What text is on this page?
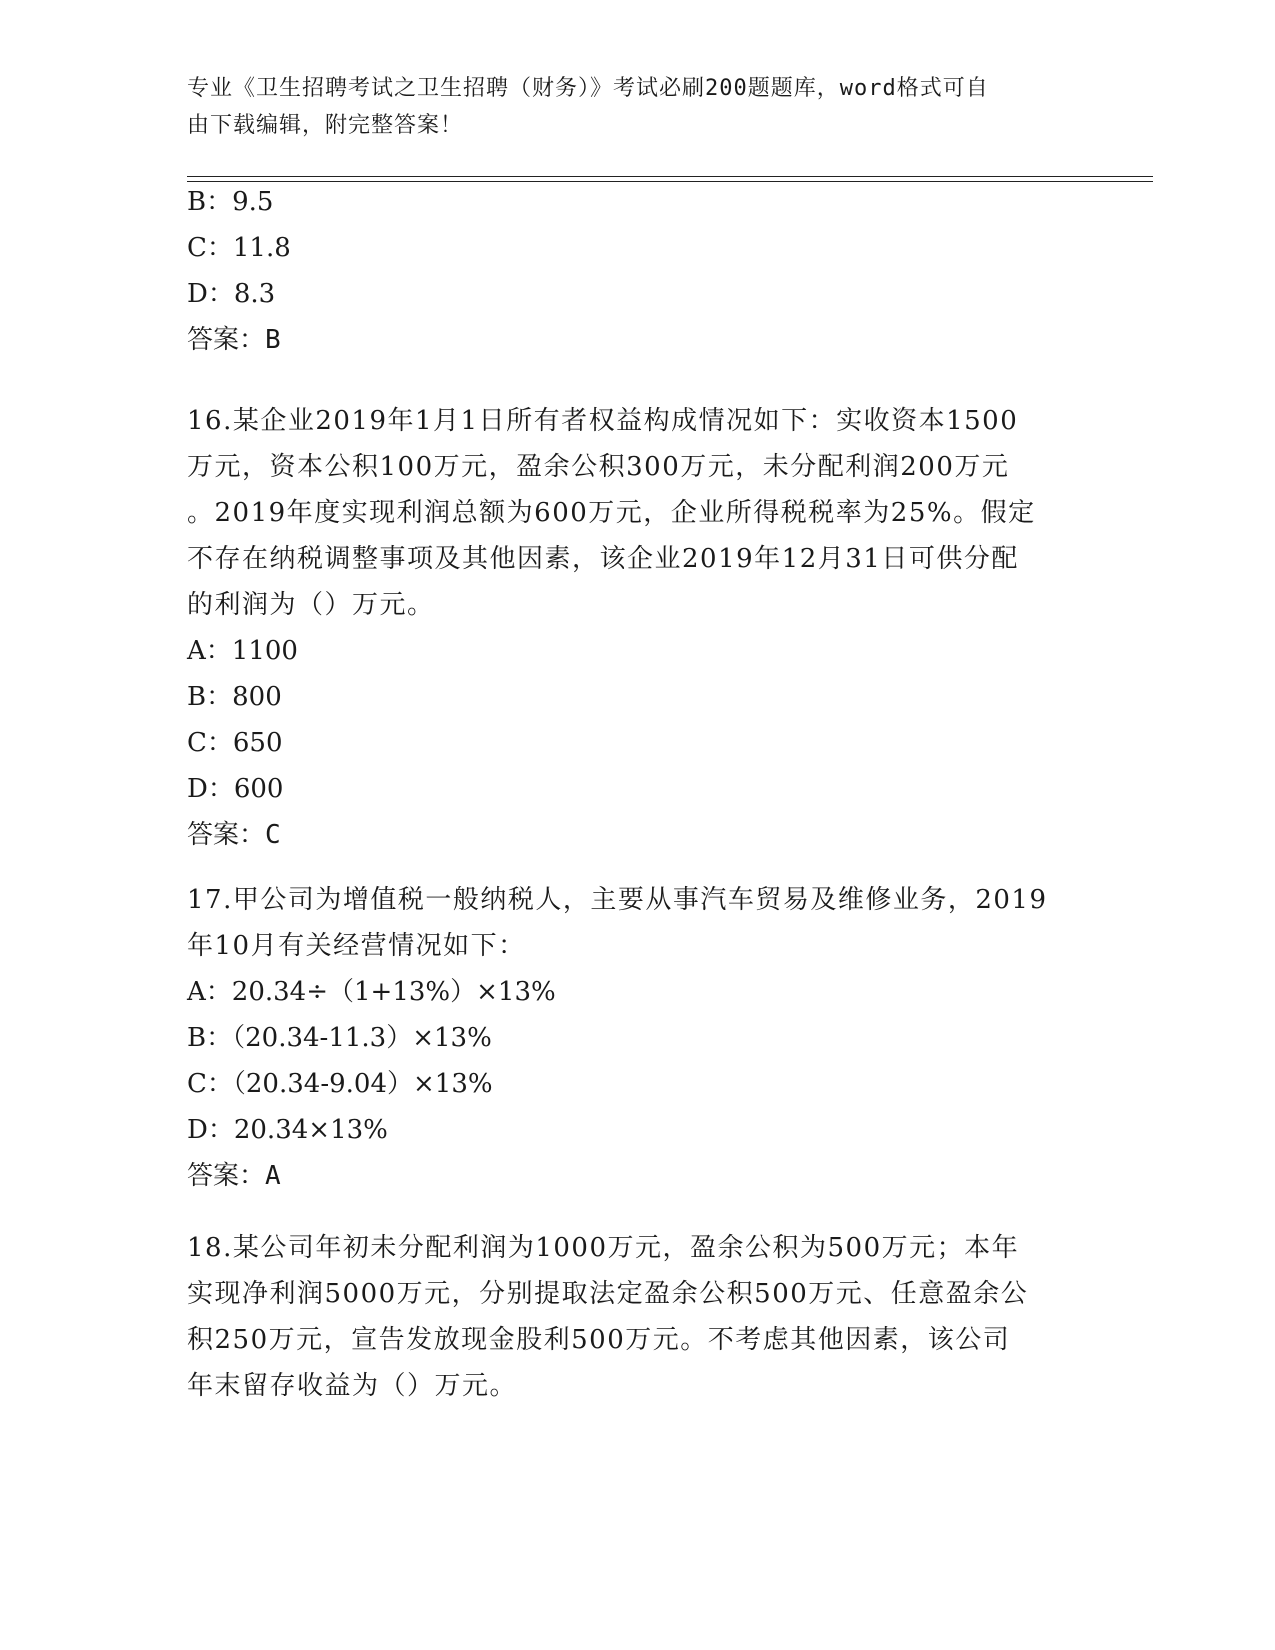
专业《卫生招聘考试之卫生招聘（财务）》考试必刷200题题库，word格式可自
由下载编辑，附完整答案！
B：9.5
C：11.8
D：8.3
答案：B
16.某企业2019年1月1日所有者权益构成情况如下：实收资本1500
万元，资本公积100万元，盈余公积300万元，未分配利润200万元
。2019年度实现利润总额为600万元，企业所得税税率为25%。假定
不存在纳税调整事项及其他因素，该企业2019年12月31日可供分配
的利润为（）万元。
A：1100
B：800
C：650
D：600
答案：C
17.甲公司为增值税一般纳税人，主要从事汽车贸易及维修业务，2019
年10月有关经营情况如下：
A：20.34÷（1+13%）×13%
B：（20.34-11.3）×13%
C：（20.34-9.04）×13%
D：20.34×13%
答案：A
18.某公司年初未分配利润为1000万元，盈余公积为500万元；本年
实现净利润5000万元，分别提取法定盈余公积500万元、任意盈余公
积250万元，宣告发放现金股利500万元。不考虑其他因素，该公司
年末留存收益为（）万元。
